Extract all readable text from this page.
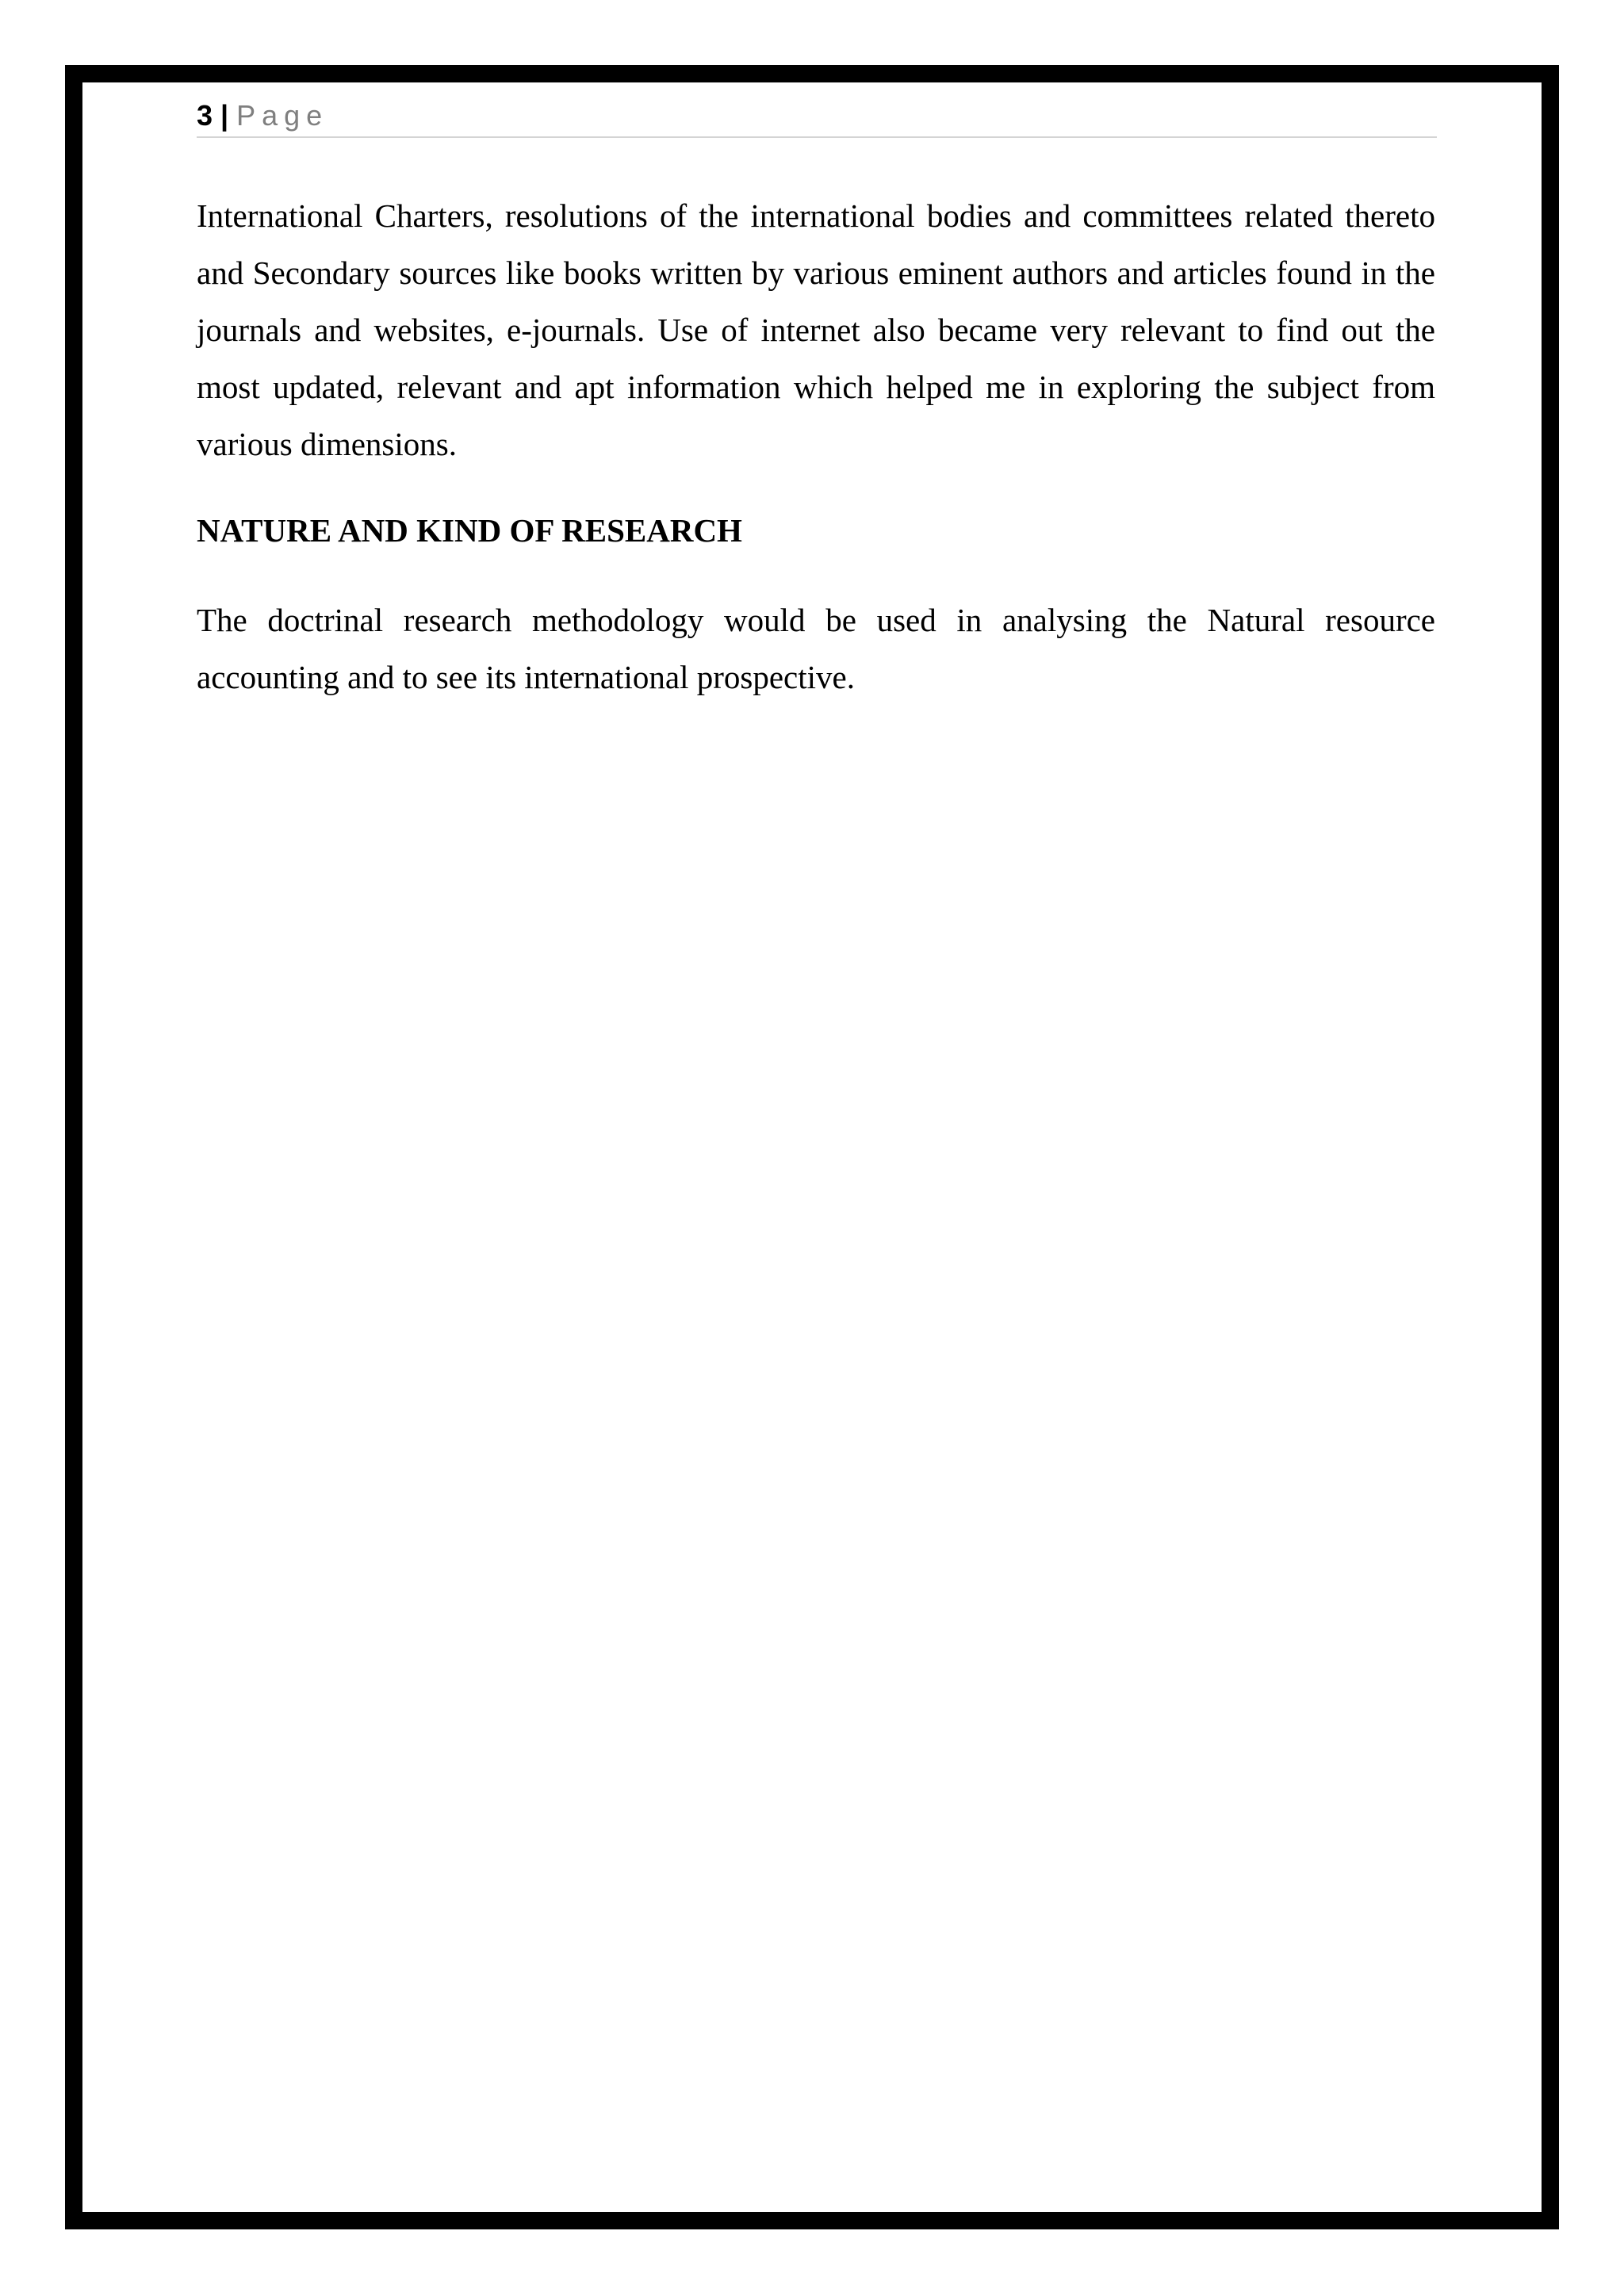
3 | Page

International Charters, resolutions of the international bodies and committees related thereto and Secondary sources like books written by various eminent authors and articles found in the journals and websites, e-journals. Use of internet also became very relevant to find out the most updated, relevant and apt information which helped me in exploring the subject from various dimensions.

NATURE AND KIND OF RESEARCH

The doctrinal research methodology would be used in analysing the Natural resource accounting and to see its international prospective.
